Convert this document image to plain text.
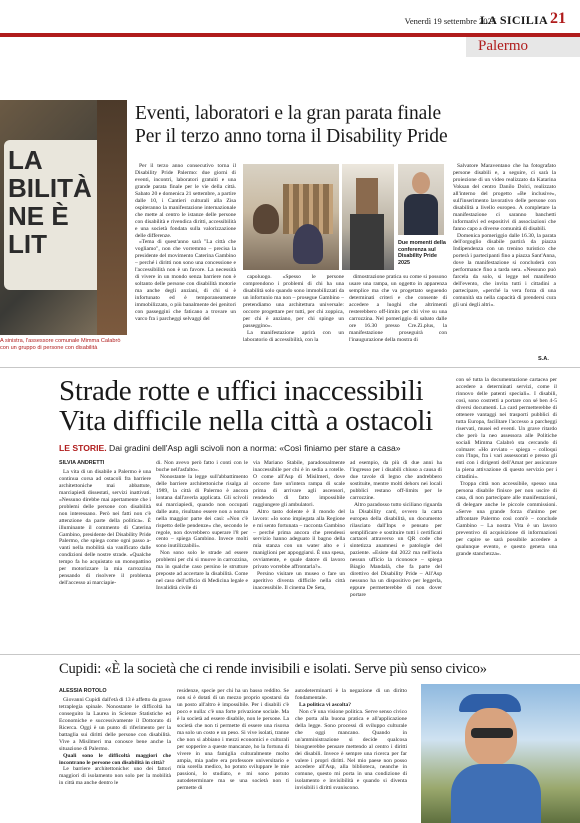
Venerdì 19 settembre 2025
LA SICILIA 21
Palermo
LA
BILITÀ
NE È
LIT
A sinistra, l'assessore comunale Mimma Calabrò con un gruppo di persone con disabilità
Eventi, laboratori e la gran parata finale
Per il terzo anno torna il Disability Pride

Per il terzo anno consecutivo torna il Disability Pride Palermo: due giorni di eventi, incontri, laboratori gratuiti e una grande parata finale per le vie della città. Sabato 20 e domenica 21 settembre, a partire dalle 10, i Cantieri culturali alla Zisa ospiteranno la manifestazione internazionale che mette al centro le istanze delle persone con disabilità e rivendica diritti, accessibilità e una società fondata sulla valorizzazione delle differenze.

«Tema di quest'anno sarà "La città che vogliamo", non che vorremmo – precisa la presidente del movimento Caterina Gambino – perché i diritti non sono una concessione e l'accessibilità non è un favore. La necessità di vivere in un mondo senza barriere non è soltanto delle persone con disabilità motorie ma anche degli anziani, di chi si è infortunato ed è temporaneamente immobilizzato, o più banalmente dei genitori con passeggini che faticano a trovare un varco fra i parcheggi selvaggi del

Due momenti della conferenza sul Disability Pride 2025

capoluogo. «Spesso le persone comprendono i problemi di chi ha una disabilità solo quando sono immobilizzati da un infortunio ma non – prosegue Gambino – pretendiamo una architettura universale: occorre progettare per tutti, per chi zoppica, per chi è anziano, per chi spinge un passeggino».

La manifestazione aprirà con un laboratorio di accessibilità, con la

dimostrazione pratica su come si possono usare una rampa, un oggetto in apparenza semplice ma che va progettato seguendo determinati criteri e che consente di accedere a luoghi che altrimenti resterebbero off-limits per chi vive su una carrozzina. Nel pomeriggio di sabato dalle ore 16.30 presso Cre.Zi.plus, la manifestazione proseguirà con l'inaugurazione della mostra di

Salvatore Maraventano che ha fotografato persone disabili e, a seguire, ci sarà la proiezione di un video realizzato da Katarina Voksan del centro Danilo Dolci, realizzato all'interno del progetto «Be inclusive», sull'inserimento lavorativo delle persone con disabilità a livello europeo. A completare la manifestazione ci saranno banchetti informativi ed espositivi di associazioni che fanno capo a diverse comunità di disabili.

Domenica pomeriggio dalle 16.30, la parata dell'orgoglio disabile partirà da piazza Indipendenza con un trenino turistico che porterà i partecipanti fino a piazza Sant'Anna, dove la manifestazione si concluderà con performance fino a tarda sera. «Nessuno può farcela da solo, si legge nel manifesto dell'evento, che invita tutti i cittadini a partecipare, «perché la vera forza di una comunità sta nella capacità di prendersi cura gli uni degli altri».

S.A.
Strade rotte e uffici inaccessibili
Vita difficile nella città a ostacoli
LE STORIE. Dai gradini dell'Asp agli scivoli non a norma: «Così finiamo per stare a casa»
SILVIA ANDRETTI

La vita di un disabile a Palermo è una continua corsa ad ostacoli fra barriere architettoniche mai abbattute, marciapiedi dissestati, servizi inattivati. «Nessuno direbbe mai apertamente che i problemi delle persone con disabilità non interessano. Però nei fatti non c'è attenzione da parte della politica». È illuminante il commento di Caterina Gambino, presidente del Disability Pride Palermo, che spiega come ogni passo a-vanti nella mobilità sia vanificato dalle condizioni delle nostre strade. «Qualche tempo fa ho acquistato un monopattino per motorizzare la mia carrozzina pensando di risolvere il problema dell'accesso ai marciapie-

di. Non avevo però fatto i conti con le buche nell'asfalto».

Nonostante la legge sull'abbattimento delle barriere architettoniche risalga al 1989, la città di Palermo è ancora lontana dall'averla applicata. Gli scivoli sui marciapiedi, quando non occupati dalle auto, risultano essere non a norma nella maggior parte dei casi: «Non c'è rispetto delle pendenze» che, secondo le regole, non dovrebbero superare l'8 per cento – spiega Gambino. Invece molti sono inutilizzabili».

Non sono solo le strade ad essere problemi per chi si muove in carrozzina, ma in qualche caso persino le strutture preposte ad accertare la disabilità. Come nel caso dell'ufficio di Medicina legale e Invalidità civile di

via Mariano Stabile, paradossalmente inaccessibile per chi è in sedia a rotelle. O come all'Asp di Misilmeri, dove occorre fare un'intera rampa di scale prima di arrivare agli ascensori, rendendo di fatto impossibile raggiungere gli ambulatori.

Altro tasto dolente è il mondo del lavoro: «Io sono impiegata alla Regione e mi sento fortunata – racconta Gambino – perché prima ancora che prendessi servizio hanno adeguato il bagno della mia stanza con un water alto e i maniglioni per appoggiarsi. È una spesa, ovviamente, e quale datore di lavoro privato vorrebbe affrontarla?».

Persino visitare un museo o fare un aperitivo diventa difficile nella città inaccessibile. Il cinema De Seta,

ad esempio, da più di due anni ha l'ingresso per i disabili chiuso a causa di due tavole di legno che andrebbero sostituite, mentre molti dehors nei locali pubblici restano off-limits per le carrozzine.

Altro paradosso tutto siciliano riguarda la Disability card, ovvero la carta europea della disabilità, un documento rilasciato dall'Inps e pensato per semplificare e sostituire tutti i certificati cartacei attraverso un QR code che sintetizza anamnesi e patologie del paziente. «Esiste dal 2022 ma nell'isola nessun ufficio la riconosce – spiega Biagio Mandalà, che fa parte del direttivo del Disability Pride – All'Asp nessuno ha un dispositivo per leggerla, eppure permetterebbe di non dover portare

con sé tutta la documentazione cartacea per accedere a determinati servizi, come il rinnovo delle patenti speciali». I disabili, così, sono costretti a portare con sé ben 4-5 diversi documenti. La card permetterebbe di ottenere vantaggi nei trasporti pubblici di tutta Europa, facilitare l'accesso a parcheggi riservati, musei ed eventi. Un grave ritardo che però la neo assessora alle Politiche sociali Mimma Calabrò sta cercando di colmare: «Ho avviato – spiega – colloqui con l'Inps, fra i vari assessorati e presso gli enti con i dirigenti dell'Amat per assicurare la piena attivazione di questo servizio per i cittadini».

Troppa città non accessibile, spesso una persona disabile finisce per non uscire di casa, di non partecipare alle manifestazioni, di delegare anche le piccole commissioni. «Serve una grande forza d'animo per affrontare Palermo così com'è – conclude Gambino – La nostra Vita è un lavoro preventivo di acquisizione di informazioni per capire se sarà possibile accedere a qualunque evento, e questo genera una grande stanchezza».

Cupidi: «È la società che ci rende invisibili e isolati. Serve più senso civico»
ALESSIA ROTOLO

Giovanni Cupidi dall'età di 13 è affetto da grave tetraplegia spinale. Nonostante le difficoltà ha conseguito la Laurea in Scienze Statistiche ed Economiche e successivamente il Dottorato di Ricerca. Oggi è un punto di riferimento per la battaglia sui diritti delle persone con disabilità. Vive a Misilmeri ma conosce bene anche la situazione di Palermo.

Quali sono le difficoltà maggiori che incontrano le persone con disabilità in città?

Le barriere architettoniche: uno dei fattori maggiori di isolamento non solo per la mobilità in città ma anche dentro le

residenze, specie per chi ha un basso reddito. Se non si è dotati di un mezzo proprio spostarsi da un posto all'altro è impossibile. Per i disabili c'è poco e nulla: c'è una forte privazione sociale. Ma è la società ad essere disabile, non le persone. La società che non ti permette di essere una risorsa ma solo un costo e un peso. Si vive isolati, tranne che non si abbiano i mezzi economici e culturali per sopperire a queste mancanze, ho la fortuna di vivere in una famiglia culturalmente molto ampia, mia padre era professore universitario e mia sorella medico, ho potuto sviluppare le mie passioni, lo studiato, e mi sono potuto autodeterminare ma se una società non ti permette di

autodeterminarti è la negazione di un diritto fondamentale.

La politica vi ascolta?

Non c'è una visione politica. Serve senso civico che porta alla buona pratica e all'applicazione della legge. Sono processi di sviluppo culturale che oggi mancano. Quando in un'amministrazione si decide qualcosa bisognerebbe pensare mettendo al centro i diritti dei disabili. Invece è sempre una ricerca per far valere i propri diritti. Nel mio paese non posso accedere all'Asp, alla biblioteca, neanche in comune, questo mi porta in una condizione di isolamento e invisibilità e quando si diventa invisibili i diritti svaniscono.
